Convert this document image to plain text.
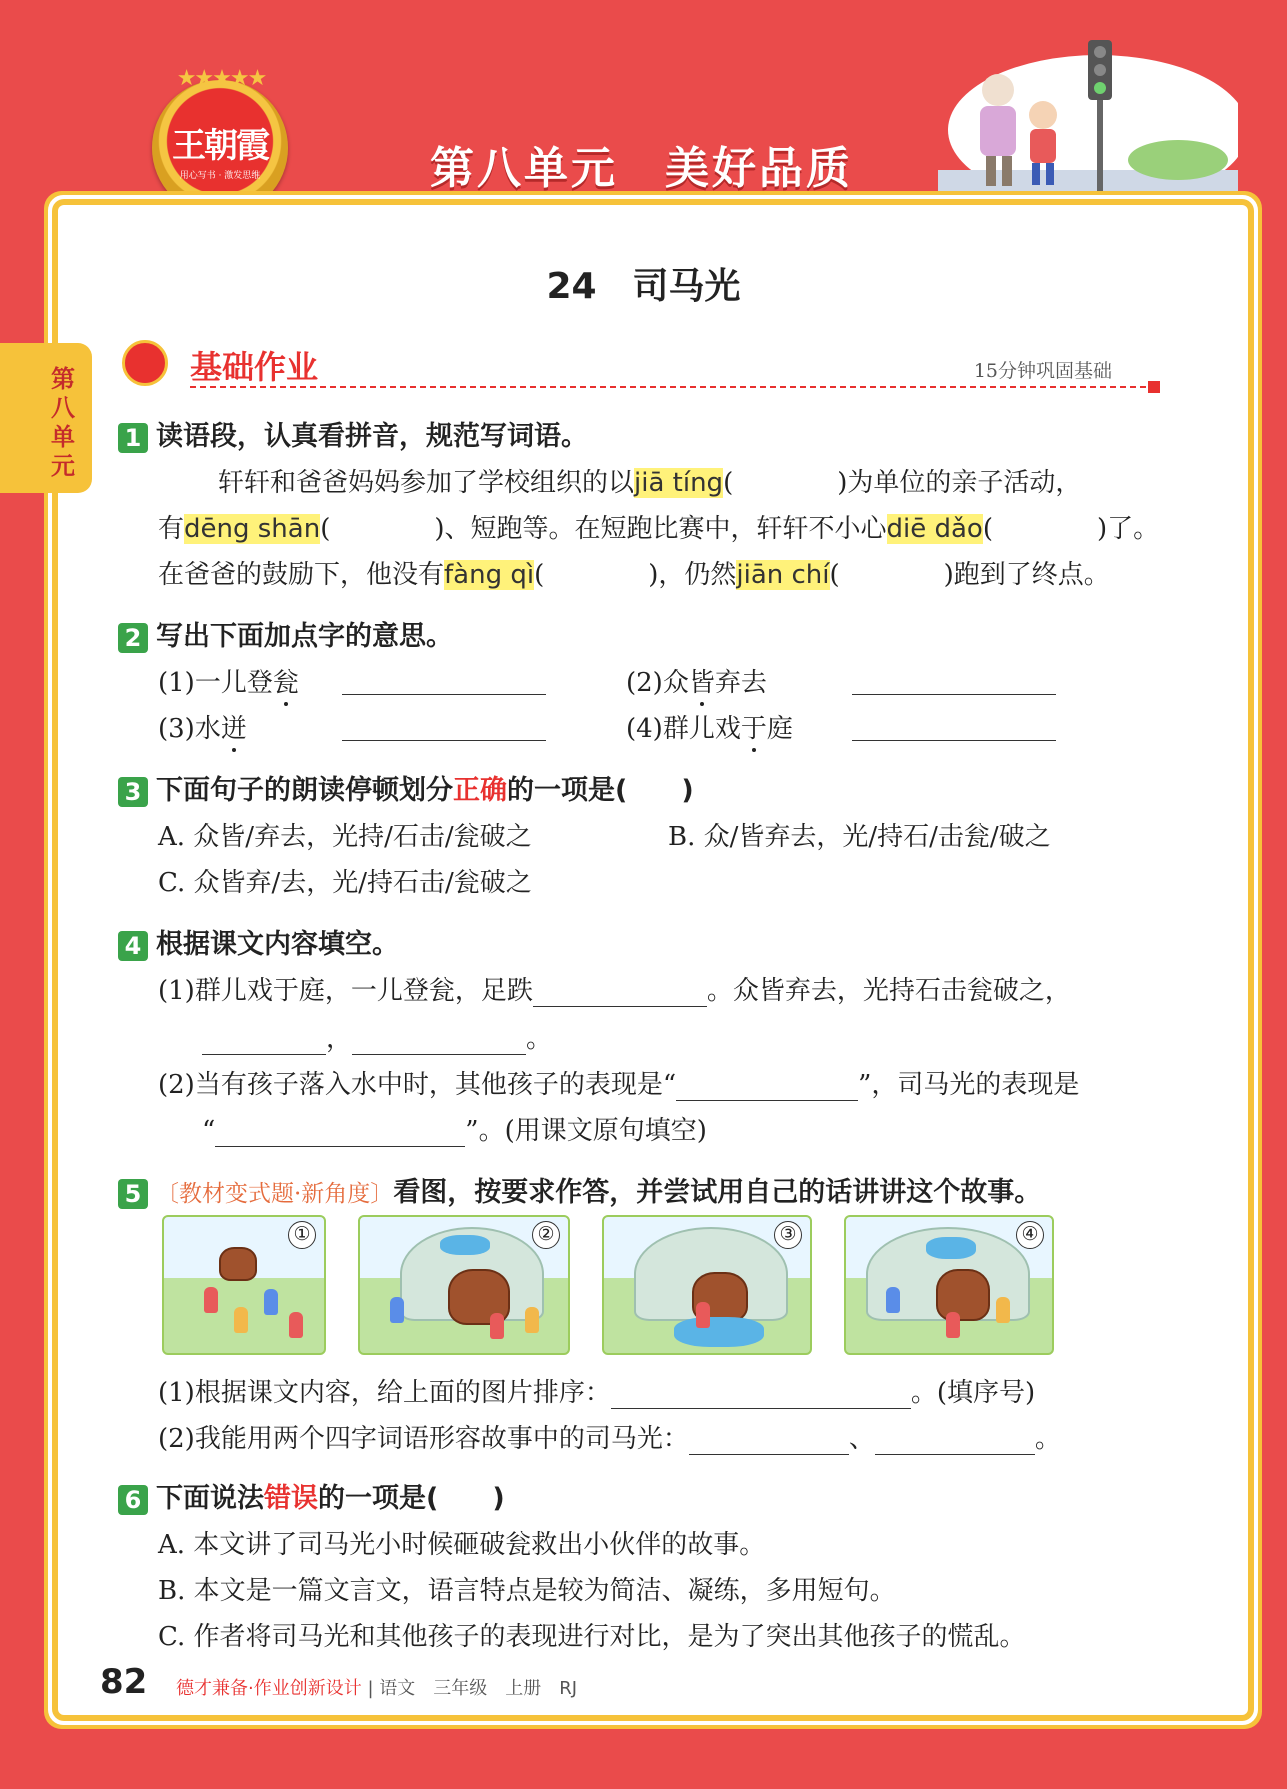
★★★★★
王朝霞
用心写书 · 激发思维	第八单元　美好品质
第八单元
24　司马光
基础作业	15分钟巩固基础
1 读语段，认真看拼音，规范写词语。
轩轩和爸爸妈妈参加了学校组织的以jiā tíng(　　　　)为单位的亲子活动，
有dēng shān(　　　　)、短跑等。在短跑比赛中，轩轩不小心diē dǎo(　　　　)了。
在爸爸的鼓励下，他没有fàng qì(　　　　)，仍然jiān chí(　　　　)跑到了终点。
2 写出下面加点字的意思。
(1)一儿登瓮	(2)众皆弃去
(3)水迸	(4)群儿戏于庭
3 下面句子的朗读停顿划分正确的一项是(　　)
A. 众皆/弃去，光持/石击/瓮破之	B. 众/皆弃去，光/持石/击瓮/破之
C. 众皆弃/去，光/持石击/瓮破之
4 根据课文内容填空。
(1)群儿戏于庭，一儿登瓮，足跌	。众皆弃去，光持石击瓮破之，
，	。
(2)当有孩子落入水中时，其他孩子的表现是“	”，司马光的表现是
“	”。(用课文原句填空)
5 〔教材变式题·新角度〕看图，按要求作答，并尝试用自己的话讲讲这个故事。
①	②	③	④
(1)根据课文内容，给上面的图片排序：	。(填序号)
(2)我能用两个四字词语形容故事中的司马光：	、	。
6 下面说法错误的一项是(　　)
A. 本文讲了司马光小时候砸破瓮救出小伙伴的故事。
B. 本文是一篇文言文，语言特点是较为简洁、凝练，多用短句。
C. 作者将司马光和其他孩子的表现进行对比，是为了突出其他孩子的慌乱。
82 德才兼备·作业创新设计 | 语文　三年级　上册　RJ
